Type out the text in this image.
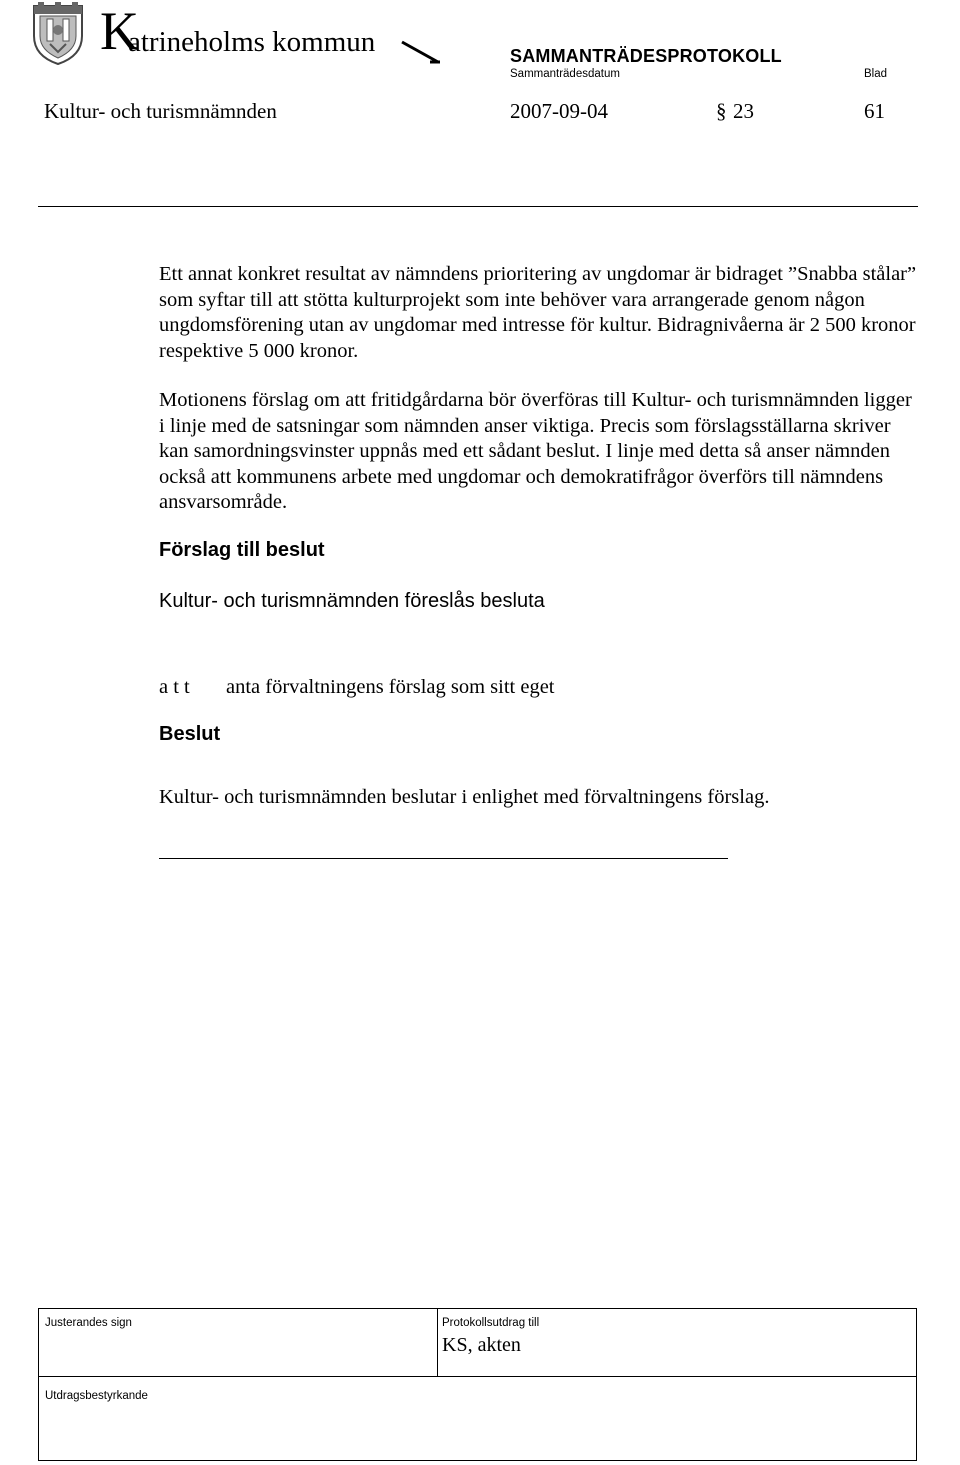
K
atrineholms kommun	SAMMANTRÄDESPROTOKOLL
Sammanträdesdatum	Blad
Kultur- och turismnämnden	2007-09-04	§ 23	61
Ett annat konkret resultat av nämndens prioritering av ungdomar är bidraget ”Snabba stålar” som syftar till att stötta kulturprojekt som inte behöver vara arrangerade genom någon ungdomsförening utan av ungdomar med intresse för kultur. Bidragnivåerna är 2 500 kronor respektive 5 000 kronor.
Motionens förslag om att fritidgårdarna bör överföras till Kultur- och turismnämnden ligger i linje med de satsningar som nämnden anser viktiga. Precis som förslagsställarna skriver kan samordningsvinster uppnås med ett sådant beslut. I linje med detta så anser nämnden också att kommunens arbete med ungdomar och demokratifrågor överförs till nämndens ansvarsområde.
Förslag till beslut
Kultur- och turismnämnden föreslås besluta
a t t anta förvaltningens förslag som sitt eget
Beslut
Kultur- och turismnämnden beslutar i enlighet med förvaltningens förslag.
Justerandes sign	Protokollsutdrag till
KS, akten
Utdragsbestyrkande
